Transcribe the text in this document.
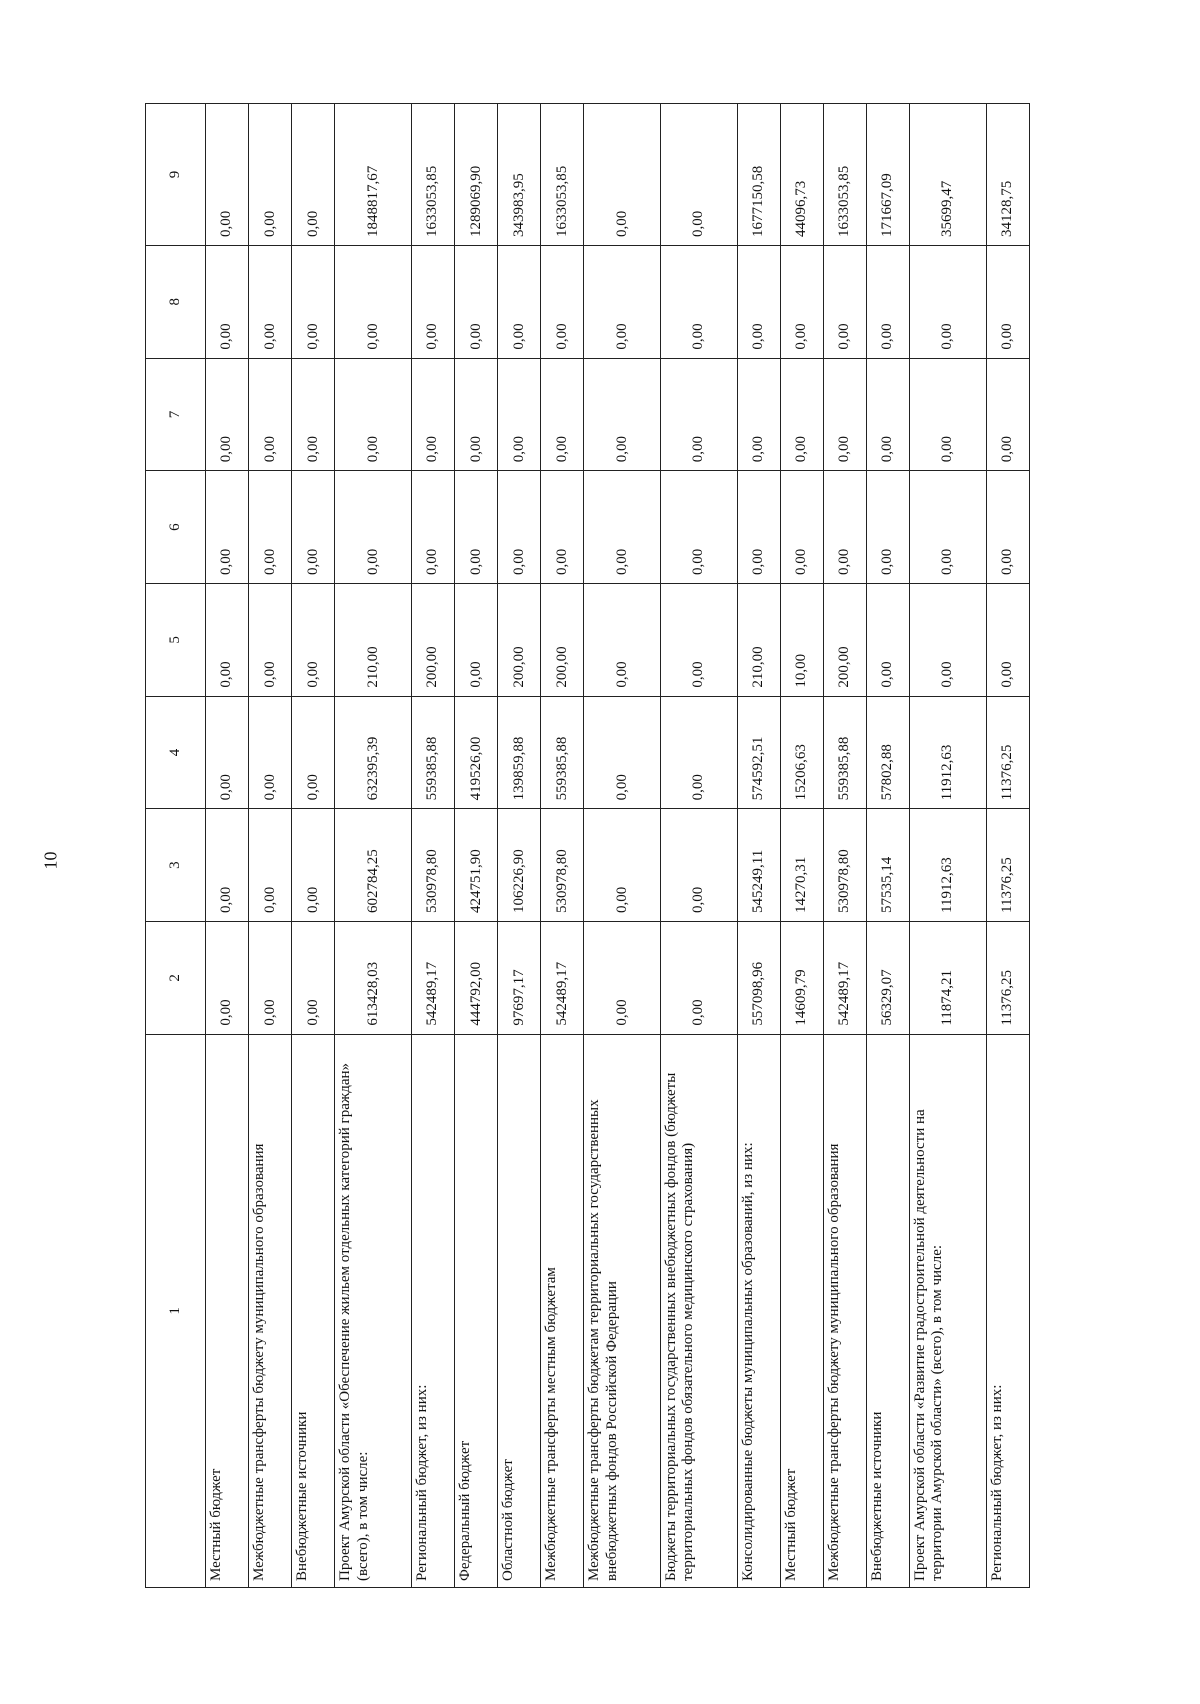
10
1	2	3	4	5	6	7	8	9
Местный бюджет	0,00	0,00	0,00	0,00	0,00	0,00	0,00	0,00
Межбюджетные трансферты бюджету муниципального образования	0,00	0,00	0,00	0,00	0,00	0,00	0,00	0,00
Внебюджетные источники	0,00	0,00	0,00	0,00	0,00	0,00	0,00	0,00
Проект Амурской области «Обеспечение жильем отдельных категорий граждан» (всего), в том числе:	613428,03	602784,25	632395,39	210,00	0,00	0,00	0,00	1848817,67
Региональный бюджет, из них:	542489,17	530978,80	559385,88	200,00	0,00	0,00	0,00	1633053,85
Федеральный бюджет	444792,00	424751,90	419526,00	0,00	0,00	0,00	0,00	1289069,90
Областной бюджет	97697,17	106226,90	139859,88	200,00	0,00	0,00	0,00	343983,95
Межбюджетные трансферты местным бюджетам	542489,17	530978,80	559385,88	200,00	0,00	0,00	0,00	1633053,85
Межбюджетные трансферты бюджетам территориальных государственных внебюджетных фондов Российской Федерации	0,00	0,00	0,00	0,00	0,00	0,00	0,00	0,00
Бюджеты территориальных государственных внебюджетных фондов (бюджеты территориальных фондов обязательного медицинского страхования)	0,00	0,00	0,00	0,00	0,00	0,00	0,00	0,00
Консолидированные бюджеты муниципальных образований, из них:	557098,96	545249,11	574592,51	210,00	0,00	0,00	0,00	1677150,58
Местный бюджет	14609,79	14270,31	15206,63	10,00	0,00	0,00	0,00	44096,73
Межбюджетные трансферты бюджету муниципального образования	542489,17	530978,80	559385,88	200,00	0,00	0,00	0,00	1633053,85
Внебюджетные источники	56329,07	57535,14	57802,88	0,00	0,00	0,00	0,00	171667,09
Проект Амурской области «Развитие градостроительной деятельности на территории Амурской области» (всего), в том числе:	11874,21	11912,63	11912,63	0,00	0,00	0,00	0,00	35699,47
Региональный бюджет, из них:	11376,25	11376,25	11376,25	0,00	0,00	0,00	0,00	34128,75
